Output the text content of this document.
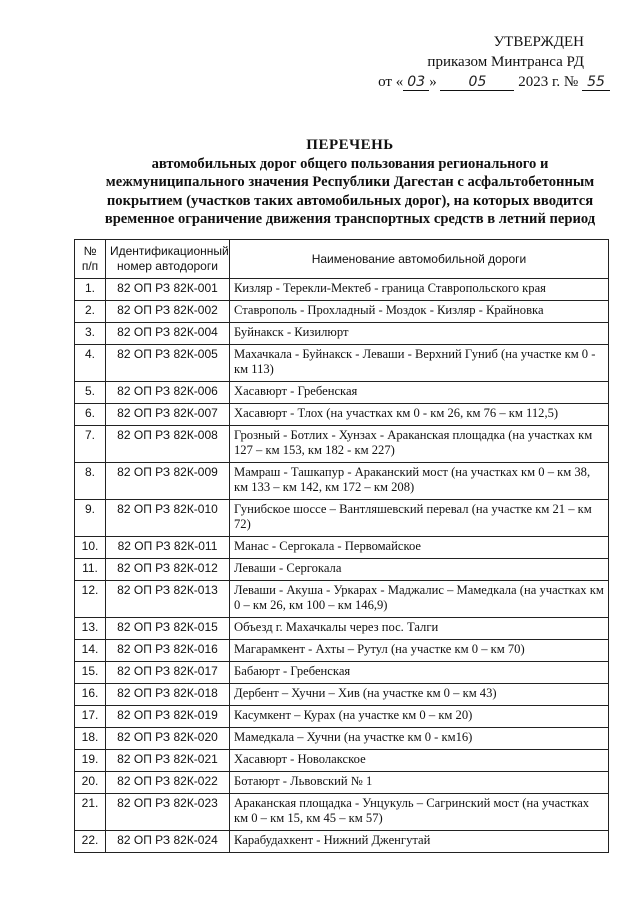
УТВЕРЖДЕН
приказом Минтранса РД
от « 03 » 05 2023 г. № 55
ПЕРЕЧЕНЬ
автомобильных дорог общего пользования регионального и
межмуниципального значения Республики Дагестан с асфальтобетонным
покрытием (участков таких автомобильных дорог), на которых вводится
временное ограничение движения транспортных средств в летний период
№ п/п	Идентификационный номер автодороги	Наименование автомобильной дороги
1.	82 ОП РЗ 82К-001	Кизляр - Терекли-Мектеб - граница Ставропольского края
2.	82 ОП РЗ 82К-002	Ставрополь - Прохладный - Моздок - Кизляр - Крайновка
3.	82 ОП РЗ 82К-004	Буйнакск - Кизилюрт
4.	82 ОП РЗ 82К-005	Махачкала - Буйнакск - Леваши - Верхний Гуниб (на участке км 0 - км 113)
5.	82 ОП РЗ 82К-006	Хасавюрт - Гребенская
6.	82 ОП РЗ 82К-007	Хасавюрт - Тлох (на участках км 0 - км 26, км 76 – км 112,5)
7.	82 ОП РЗ 82К-008	Грозный - Ботлих - Хунзах - Араканская площадка (на участках км 127 – км 153, км 182 - км 227)
8.	82 ОП РЗ 82К-009	Мамраш - Ташкапур - Араканский мост (на участках км 0 – км 38, км 133 – км 142, км 172 – км 208)
9.	82 ОП РЗ 82К-010	Гунибское шоссе – Вантляшевский перевал (на участке км 21 – км 72)
10.	82 ОП РЗ 82К-011	Манас - Сергокала - Первомайское
11.	82 ОП РЗ 82К-012	Леваши - Сергокала
12.	82 ОП РЗ 82К-013	Леваши - Акуша - Уркарах - Маджалис – Мамедкала (на участках км 0 – км 26, км 100 – км 146,9)
13.	82 ОП РЗ 82К-015	Объезд г. Махачкалы через пос. Талги
14.	82 ОП РЗ 82К-016	Магарамкент - Ахты – Рутул (на участке км 0 – км 70)
15.	82 ОП РЗ 82К-017	Бабаюрт - Гребенская
16.	82 ОП РЗ 82К-018	Дербент – Хучни – Хив (на участке км 0 – км 43)
17.	82 ОП РЗ 82К-019	Касумкент – Курах (на участке км 0 – км 20)
18.	82 ОП РЗ 82К-020	Мамедкала – Хучни (на участке км 0 - км16)
19.	82 ОП РЗ 82К-021	Хасавюрт - Новолакское
20.	82 ОП РЗ 82К-022	Ботаюрт - Львовский № 1
21.	82 ОП РЗ 82К-023	Араканская площадка - Унцукуль – Сагринский мост (на участках км 0 – км 15, км 45 – км 57)
22.	82 ОП РЗ 82К-024	Карабудахкент - Нижний Дженгутай
